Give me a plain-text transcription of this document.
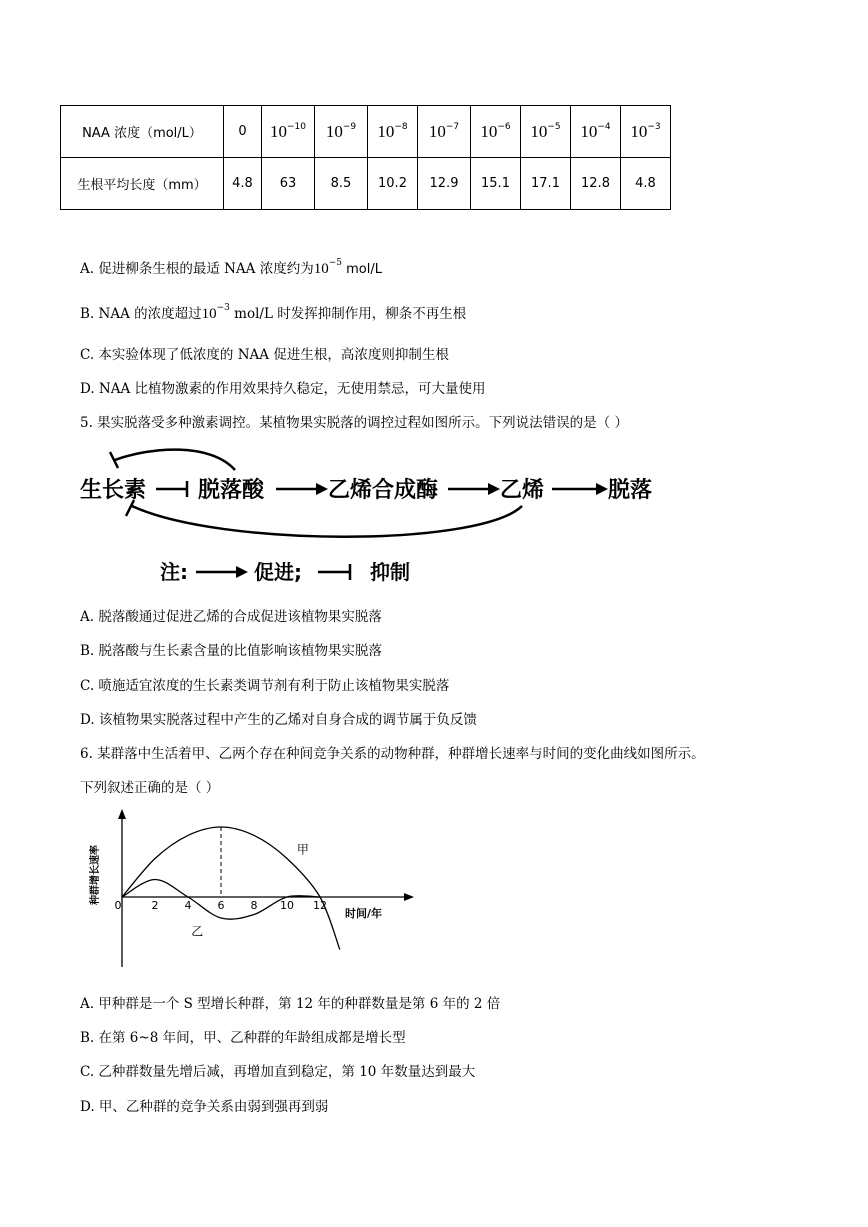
NAA 浓度（mol/L）	0	$10^{-10}$	$10^{-9}$	$10^{-8}$	$10^{-7}$	$10^{-6}$	$10^{-5}$	$10^{-4}$	$10^{-3}$
生根平均长度（mm）	4.8	63	8.5	10.2	12.9	15.1	17.1	12.8	4.8
A. 促进柳条生根的最适 NAA 浓度约为$10^{-5}$ mol/L
B. NAA 的浓度超过$10^{-3}$ mol/L 时发挥抑制作用，柳条不再生根
C. 本实验体现了低浓度的 NAA 促进生根，高浓度则抑制生根
D. NAA 比植物激素的作用效果持久稳定，无使用禁忌，可大量使用
5. 果实脱落受多种激素调控。某植物果实脱落的调控过程如图所示。下列说法错误的是（ ）
生长素 脱落酸	乙烯合成酶	乙烯	脱落
注:	促进;	抑制
A. 脱落酸通过促进乙烯的合成促进该植物果实脱落
B. 脱落酸与生长素含量的比值影响该植物果实脱落
C. 喷施适宜浓度的生长素类调节剂有利于防止该植物果实脱落
D. 该植物果实脱落过程中产生的乙烯对自身合成的调节属于负反馈
6. 某群落中生活着甲、乙两个存在种间竞争关系的动物种群，种群增长速率与时间的变化曲线如图所示。
下列叙述正确的是（ ）
0	2 4 6 8 10 12
甲
乙
种群增长速率
时间/年
A. 甲种群是一个 S 型增长种群，第 12 年的种群数量是第 6 年的 2 倍
B. 在第 6~8 年间，甲、乙种群的年龄组成都是增长型
C. 乙种群数量先增后减，再增加直到稳定，第 10 年数量达到最大
D. 甲、乙种群的竞争关系由弱到强再到弱
